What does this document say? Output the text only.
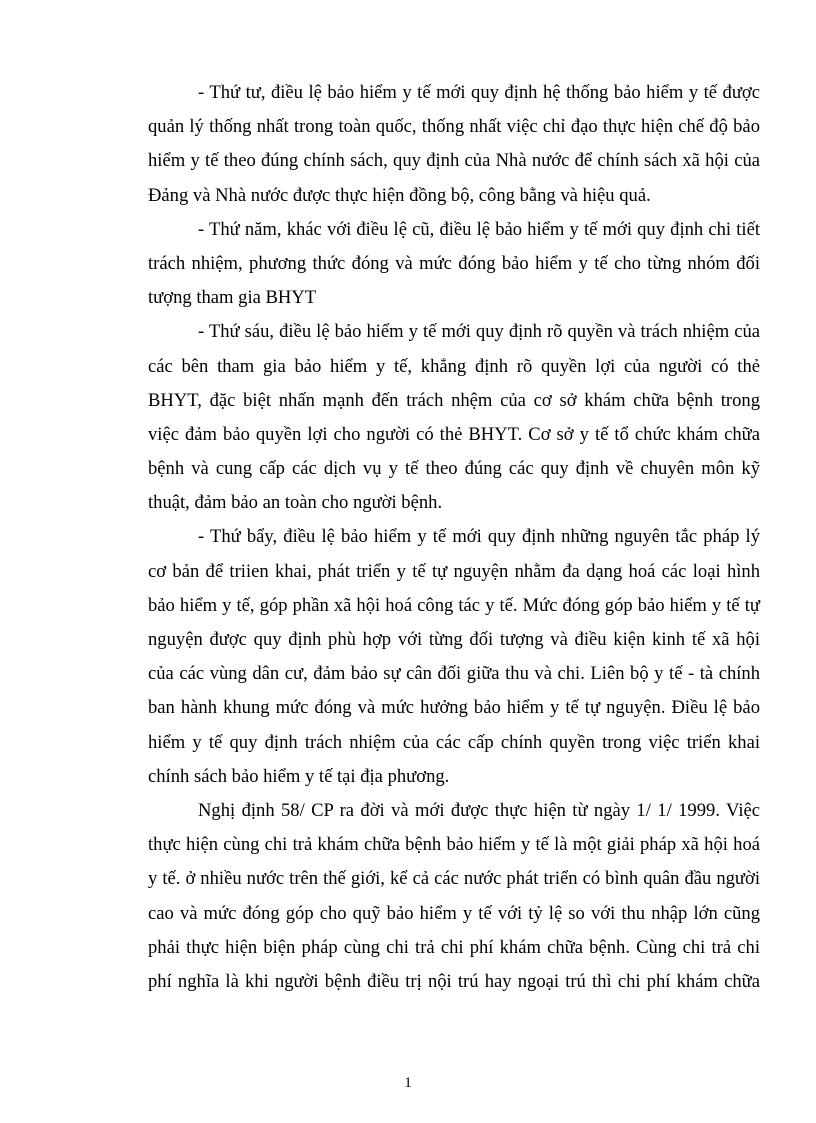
- Thứ tư, điều lệ bảo hiểm y tế mới quy định hệ thống bảo hiểm y tế được
quản lý thống nhất trong toàn quốc, thống nhất việc chỉ đạo thực hiện chế độ bảo
hiểm y tế theo đúng chính sách, quy định của Nhà nước để chính sách xã hội của
Đảng và Nhà nước được thực hiện đồng bộ, công bằng và hiệu quả.

- Thứ năm, khác với điều lệ cũ, điều lệ bảo hiểm y tế mới quy định chi tiết
trách nhiệm, phương thức đóng và mức đóng bảo hiểm y tế cho từng nhóm đối
tượng tham gia BHYT

- Thứ sáu, điều lệ bảo hiểm y tế mới quy định rõ quyền và trách nhiệm của
các bên tham gia bảo hiểm y tế, khẳng định rõ quyền lợi của người có thẻ
BHYT, đặc biệt nhấn mạnh đến trách nhệm của cơ sở khám chữa bệnh trong
việc đảm bảo quyền lợi cho người có thẻ BHYT. Cơ sở y tế tổ chức khám chữa
bệnh và cung cấp các dịch vụ y tế theo đúng các quy định về chuyên môn kỹ
thuật, đảm bảo an toàn cho người bệnh.

- Thứ bẩy, điều lệ bảo hiểm y tế mới quy định những nguyên tắc pháp lý
cơ bản để triien khai, phát triển y tế tự nguyện nhằm đa dạng hoá các loại hình
bảo hiểm y tế, góp phần xã hội hoá công tác y tế. Mức đóng góp bảo hiểm y tế tự
nguyện được quy định phù hợp với từng đối tượng và điều kiện kinh tế xã hội
của các vùng dân cư, đảm bảo sự cân đối giữa thu và chi. Liên bộ y tế - tà chính
ban hành khung mức đóng và mức hưởng bảo hiểm y tế tự nguyện. Điều lệ bảo
hiểm y tế quy định trách nhiệm của các cấp chính quyền trong việc triển khai
chính sách bảo hiểm y tế tại địa phương.

Nghị định 58/ CP ra đời và mới được thực hiện từ ngày 1/ 1/ 1999. Việc
thực hiện cùng chi trả khám chữa bệnh bảo hiểm y tế là một giải pháp xã hội hoá
y tế. ở nhiều nước trên thế giới, kể cả các nước phát triển có bình quân đầu người
cao và mức đóng góp cho quỹ bảo hiểm y tế với tỷ lệ so với thu nhập lớn cũng
phải thực hiện biện pháp cùng chi trả chi phí khám chữa bệnh. Cùng chi trả chi
phí nghĩa là khi người bệnh điều trị nội trú hay ngoại trú thì chi phí khám chữa

1
